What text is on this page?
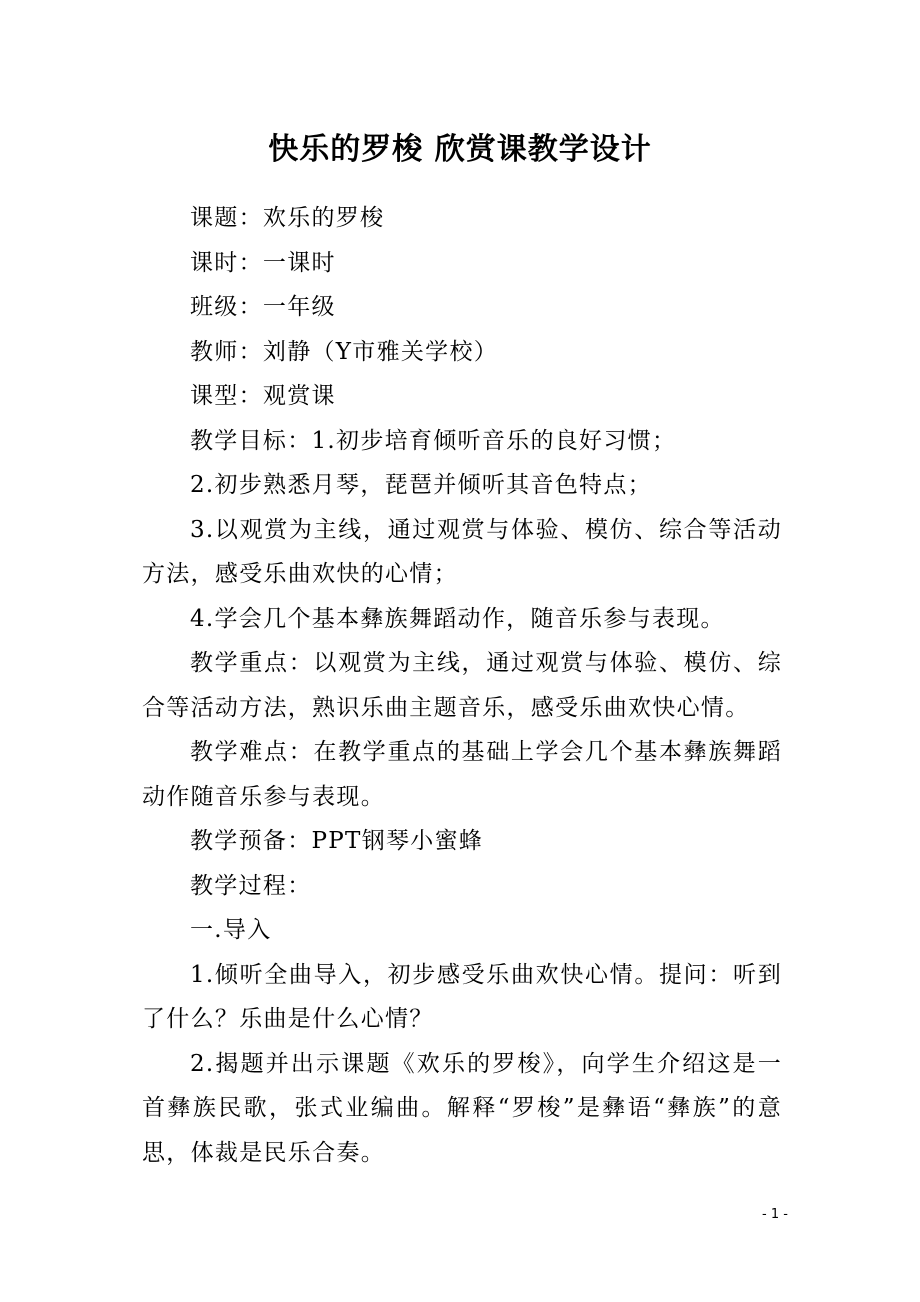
快乐的罗梭 欣赏课教学设计

课题：欢乐的罗梭

课时：一课时

班级：一年级

教师：刘静（Y市雅关学校）

课型：观赏课

教学目标：1.初步培育倾听音乐的良好习惯；

2.初步熟悉月琴，琵琶并倾听其音色特点；

3.以观赏为主线，通过观赏与体验、模仿、综合等活动方法，感受乐曲欢快的心情；

4.学会几个基本彝族舞蹈动作，随音乐参与表现。

教学重点：以观赏为主线，通过观赏与体验、模仿、综合等活动方法，熟识乐曲主题音乐，感受乐曲欢快心情。

教学难点：在教学重点的基础上学会几个基本彝族舞蹈动作随音乐参与表现。

教学预备：PPT钢琴小蜜蜂

教学过程：

一.导入

1.倾听全曲导入，初步感受乐曲欢快心情。提问：听到了什么？乐曲是什么心情？

2.揭题并出示课题《欢乐的罗梭》，向学生介绍这是一首彝族民歌，张式业编曲。解释“罗梭”是彝语“彝族”的意思，体裁是民乐合奏。

- 1 -
